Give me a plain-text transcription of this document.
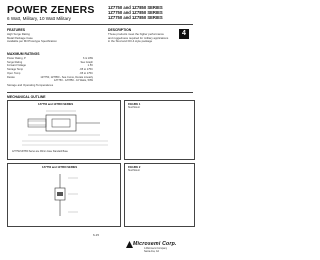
POWER ZENERS
6 Watt, Military, 10 Watt Military
1Z7750 and 1Z7850 SERIES
1Z7750 and 1Z7850 SERIES
1Z7750 and 1Z7850 SERIES
4
FEATURES
High Surge Rating
Metal Package Case
Available per Mil Prototype Specification
DESCRIPTION
These products meet the higher performance
and ruggedness required for military applications
in the Stud and DO-4 style package
MAXIMUM RATINGS
Power Rating, P	6 & 10W
Surge Rating	See Graph
Forward Voltage	1.5V
Storage Temp	-65 to 175C
Oper. Temp	-65 to 175C
Derate	1Z7750, 1Z7850 - See Curve, Derate Linearly
1Z7750 - 1Z7850 - 10 Watts, 50W
Storage and Operating Temperatures
MECHANICAL OUTLINE
1Z7750 and 1Z7850 SERIES
1Z7750/1Z7850 Series are Mirror-Case Standard Base
FIGURE 1
Stud Mount
1Z7750 and 1Z7850 SERIES	FIGURE 2
Stud Mount
6-15
Microsemi Corp.
A Microsemi Company
Santa Ana, CA
